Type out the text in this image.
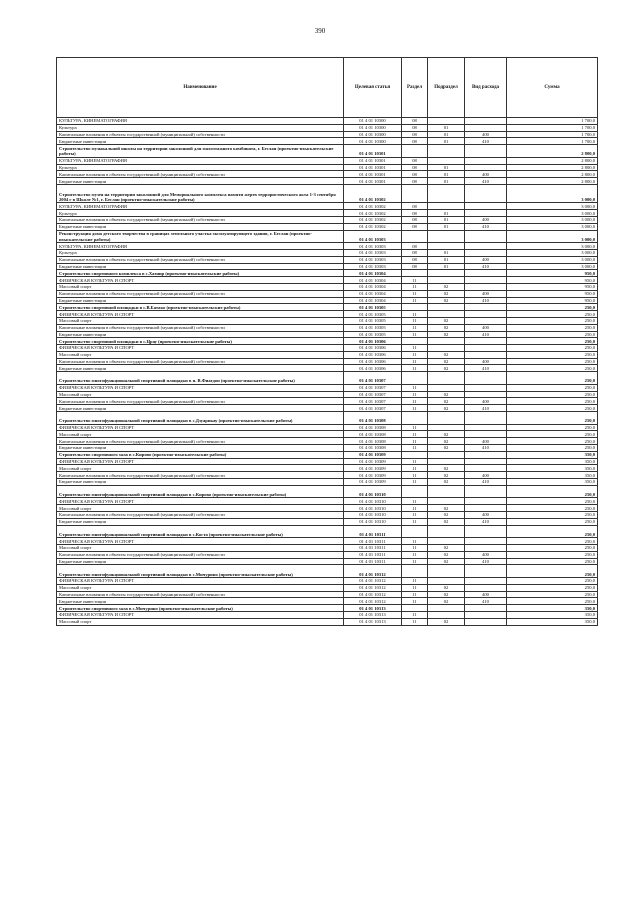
390
Наименование	Целевая статья	Раздел	Подраздел	Вид расхода	Сумма
КУЛЬТУРА, КИНЕМАТОГРАФИЯ	01 4 01 10300	08			1 700,0
Культура	01 4 01 10300	08	01		1 700,0
Капитальные вложения в объекты государственной (муниципальной) собственности	01 4 01 10300	08	01	400	1 700,0
Бюджетные инвестиции	01 4 01 10300	08	01	410	1 700,0
Строительство музыкальной школы на территории заколонной для малоэтажного комбината, г. Беслан (проектно-изыскательские работы)	01 4 01 10301				2 800,0
КУЛЬТУРА, КИНЕМАТОГРАФИЯ	01 4 01 10301	08			2 800,0
Культура	01 4 01 10301	08	01		2 800,0
Капитальные вложения в объекты государственной (муниципальной) собственности	01 4 01 10301	08	01	400	2 800,0
Бюджетные инвестиции	01 4 01 10301	08	01	410	2 800,0
Строительство музея на территории заколонной для Мемориального комплекса памяти жертв террористического акта 1-3 сентября 2004 г в Школе №1, г. Беслан (проектно-изыскательские работы)	01 4 01 10302				3 000,0
КУЛЬТУРА, КИНЕМАТОГРАФИЯ	01 4 01 10302	08			3 000,0
Культура	01 4 01 10302	08	01		3 000,0
Капитальные вложения в объекты государственной (муниципальной) собственности	01 4 01 10302	08	01	400	3 000,0
Бюджетные инвестиции	01 4 01 10302	08	01	410	3 000,0
Реконструкция дома детского творчества в границах земельного участка эксплуатирующего здания, г. Беслан (проектно-изыскательские работы)	01 4 01 10303				3 000,0
КУЛЬТУРА, КИНЕМАТОГРАФИЯ	01 4 01 10303	08			3 000,0
Культура	01 4 01 10303	08	01		3 000,0
Капитальные вложения в объекты государственной (муниципальной) собственности	01 4 01 10303	08	01	400	3 000,0
Бюджетные инвестиции	01 4 01 10303	08	01	410	3 000,0
Строительство спортивного комплекса в с.Хазнир (проектно-изыскательские работы)	01 4 01 10304				950,0
ФИЗИЧЕСКАЯ КУЛЬТУРА И СПОРТ	01 4 01 10304	11			950,0
Массовый спорт	01 4 01 10304	11	02		950,0
Капитальные вложения в объекты государственной (муниципальной) собственности	01 4 01 10304	11	02	400	950,0
Бюджетные инвестиции	01 4 01 10304	11	02	410	950,0
Строительство спортивной площадки в с.В.Батако (проектно-изыскательские работы)	01 4 01 10305				250,0
ФИЗИЧЕСКАЯ КУЛЬТУРА И СПОРТ	01 4 01 10305	11			250,0
Массовый спорт	01 4 01 10305	11	02		250,0
Капитальные вложения в объекты государственной (муниципальной) собственности	01 4 01 10305	11	02	400	250,0
Бюджетные инвестиции	01 4 01 10305	11	02	410	250,0
Строительство спортивной площадки в с.Црау (проектно-изыскательские работы)	01 4 01 10306				250,0
ФИЗИЧЕСКАЯ КУЛЬТУРА И СПОРТ	01 4 01 10306	11			250,0
Массовый спорт	01 4 01 10306	11	02		250,0
Капитальные вложения в объекты государственной (муниципальной) собственности	01 4 01 10306	11	02	400	250,0
Бюджетные инвестиции	01 4 01 10306	11	02	410	250,0
Строительство многофункциональной спортивной площадки в п. В.Фиагдон (проектно-изыскательские работы)	01 4 01 10307				250,0
ФИЗИЧЕСКАЯ КУЛЬТУРА И СПОРТ	01 4 01 10307	11			250,0
Массовый спорт	01 4 01 10307	11	02		250,0
Капитальные вложения в объекты государственной (муниципальной) собственности	01 4 01 10307	11	02	400	250,0
Бюджетные инвестиции	01 4 01 10307	11	02	410	250,0
Строительство многофункциональной спортивной площадки в с.Дзуарикау (проектно-изыскательские работы)	01 4 01 10308				250,0
ФИЗИЧЕСКАЯ КУЛЬТУРА И СПОРТ	01 4 01 10308	11			250,0
Массовый спорт	01 4 01 10308	11	02		250,0
Капитальные вложения в объекты государственной (муниципальной) собственности	01 4 01 10308	11	02	400	250,0
Бюджетные инвестиции	01 4 01 10308	11	02	410	250,0
Строительство спортивного зала в с.Кирово (проектно-изыскательские работы)	01 4 01 10309				350,0
ФИЗИЧЕСКАЯ КУЛЬТУРА И СПОРТ	01 4 01 10309	11			350,0
Массовый спорт	01 4 01 10309	11	02		350,0
Капитальные вложения в объекты государственной (муниципальной) собственности	01 4 01 10309	11	02	400	350,0
Бюджетные инвестиции	01 4 01 10309	11	02	410	350,0
Строительство многофункциональной спортивной площадки в с.Кирово (проектно-изыскательские работы)	01 4 01 10310				250,0
ФИЗИЧЕСКАЯ КУЛЬТУРА И СПОРТ	01 4 01 10310	11			250,0
Массовый спорт	01 4 01 10310	11	02		250,0
Капитальные вложения в объекты государственной (муниципальной) собственности	01 4 01 10310	11	02	400	250,0
Бюджетные инвестиции	01 4 01 10310	11	02	410	250,0
Строительство многофункциональной спортивной площадки в с.Коста (проектно-изыскательские работы)	01 4 01 10311				250,0
ФИЗИЧЕСКАЯ КУЛЬТУРА И СПОРТ	01 4 01 10311	11			250,0
Массовый спорт	01 4 01 10311	11	02		250,0
Капитальные вложения в объекты государственной (муниципальной) собственности	01 4 01 10311	11	02	400	250,0
Бюджетные инвестиции	01 4 01 10311	11	02	410	250,0
Строительство многофункциональной спортивной площадки в с.Мичурино (проектно-изыскательские работы)	01 4 01 10312				250,0
ФИЗИЧЕСКАЯ КУЛЬТУРА И СПОРТ	01 4 01 10312	11			250,0
Массовый спорт	01 4 01 10312	11	02		250,0
Капитальные вложения в объекты государственной (муниципальной) собственности	01 4 01 10312	11	02	400	250,0
Бюджетные инвестиции	01 4 01 10312	11	02	410	250,0
Строительство спортивного зала в с.Мичурино (проектно-изыскательские работы)	01 4 01 10313				350,0
ФИЗИЧЕСКАЯ КУЛЬТУРА И СПОРТ	01 4 01 10313	11			350,0
Массовый спорт	01 4 01 10313	11	02		350,0
